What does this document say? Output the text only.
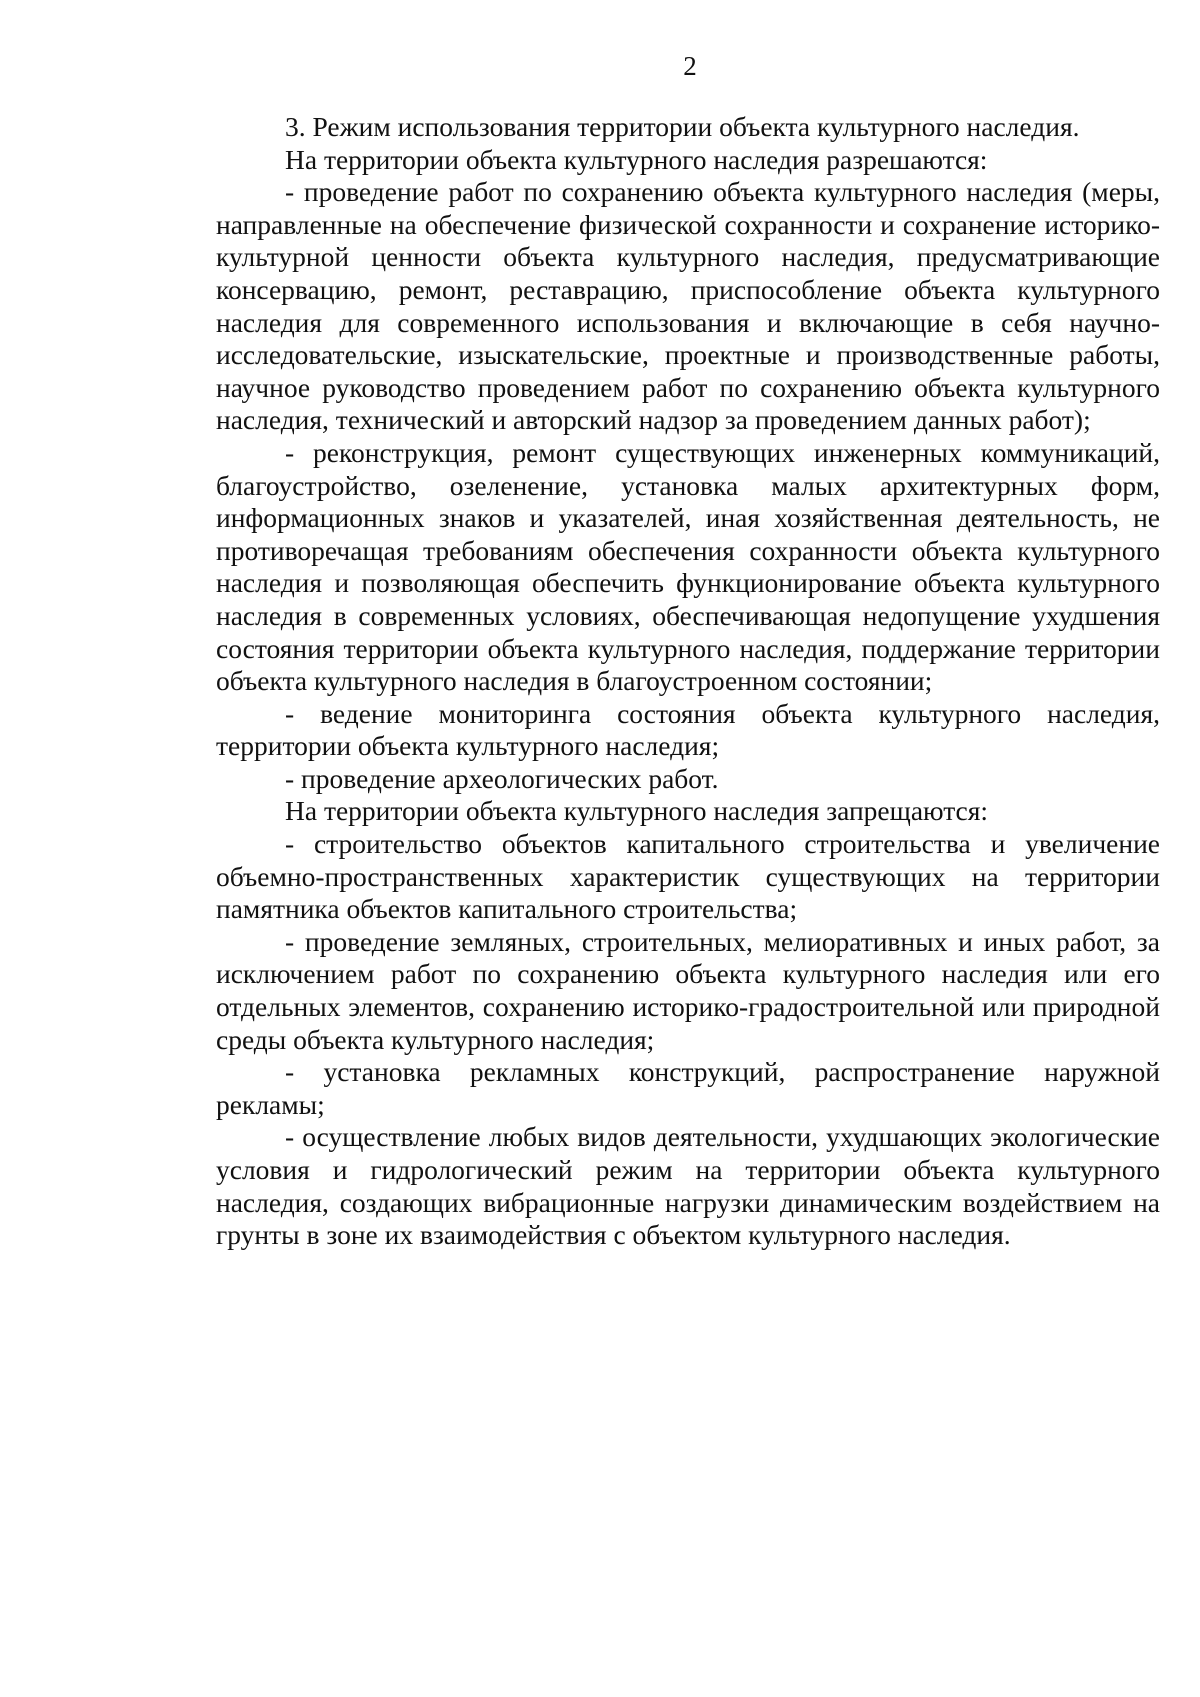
2

3. Режим использования территории объекта культурного наследия.

На территории объекта культурного наследия разрешаются:

- проведение работ по сохранению объекта культурного наследия (меры, направленные на обеспечение физической сохранности и сохранение историко-культурной ценности объекта культурного наследия, предусматривающие консервацию, ремонт, реставрацию, приспособление объекта культурного наследия для современного использования и включающие в себя научно-исследовательские, изыскательские, проектные и производственные работы, научное руководство проведением работ по сохранению объекта культурного наследия, технический и авторский надзор за проведением данных работ);

- реконструкция, ремонт существующих инженерных коммуникаций, благоустройство, озеленение, установка малых архитектурных форм, информационных знаков и указателей, иная хозяйственная деятельность, не противоречащая требованиям обеспечения сохранности объекта культурного наследия и позволяющая обеспечить функционирование объекта культурного наследия в современных условиях, обеспечивающая недопущение ухудшения состояния территории объекта культурного наследия, поддержание территории объекта культурного наследия в благоустроенном состоянии;

- ведение мониторинга состояния объекта культурного наследия, территории объекта культурного наследия;

- проведение археологических работ.

На территории объекта культурного наследия запрещаются:

- строительство объектов капитального строительства и увеличение объемно-пространственных характеристик существующих на территории памятника объектов капитального строительства;

- проведение земляных, строительных, мелиоративных и иных работ, за исключением работ по сохранению объекта культурного наследия или его отдельных элементов, сохранению историко-градостроительной или природной среды объекта культурного наследия;

- установка рекламных конструкций, распространение наружной рекламы;

- осуществление любых видов деятельности, ухудшающих экологические условия и гидрологический режим на территории объекта культурного наследия, создающих вибрационные нагрузки динамическим воздействием на грунты в зоне их взаимодействия с объектом культурного наследия.
